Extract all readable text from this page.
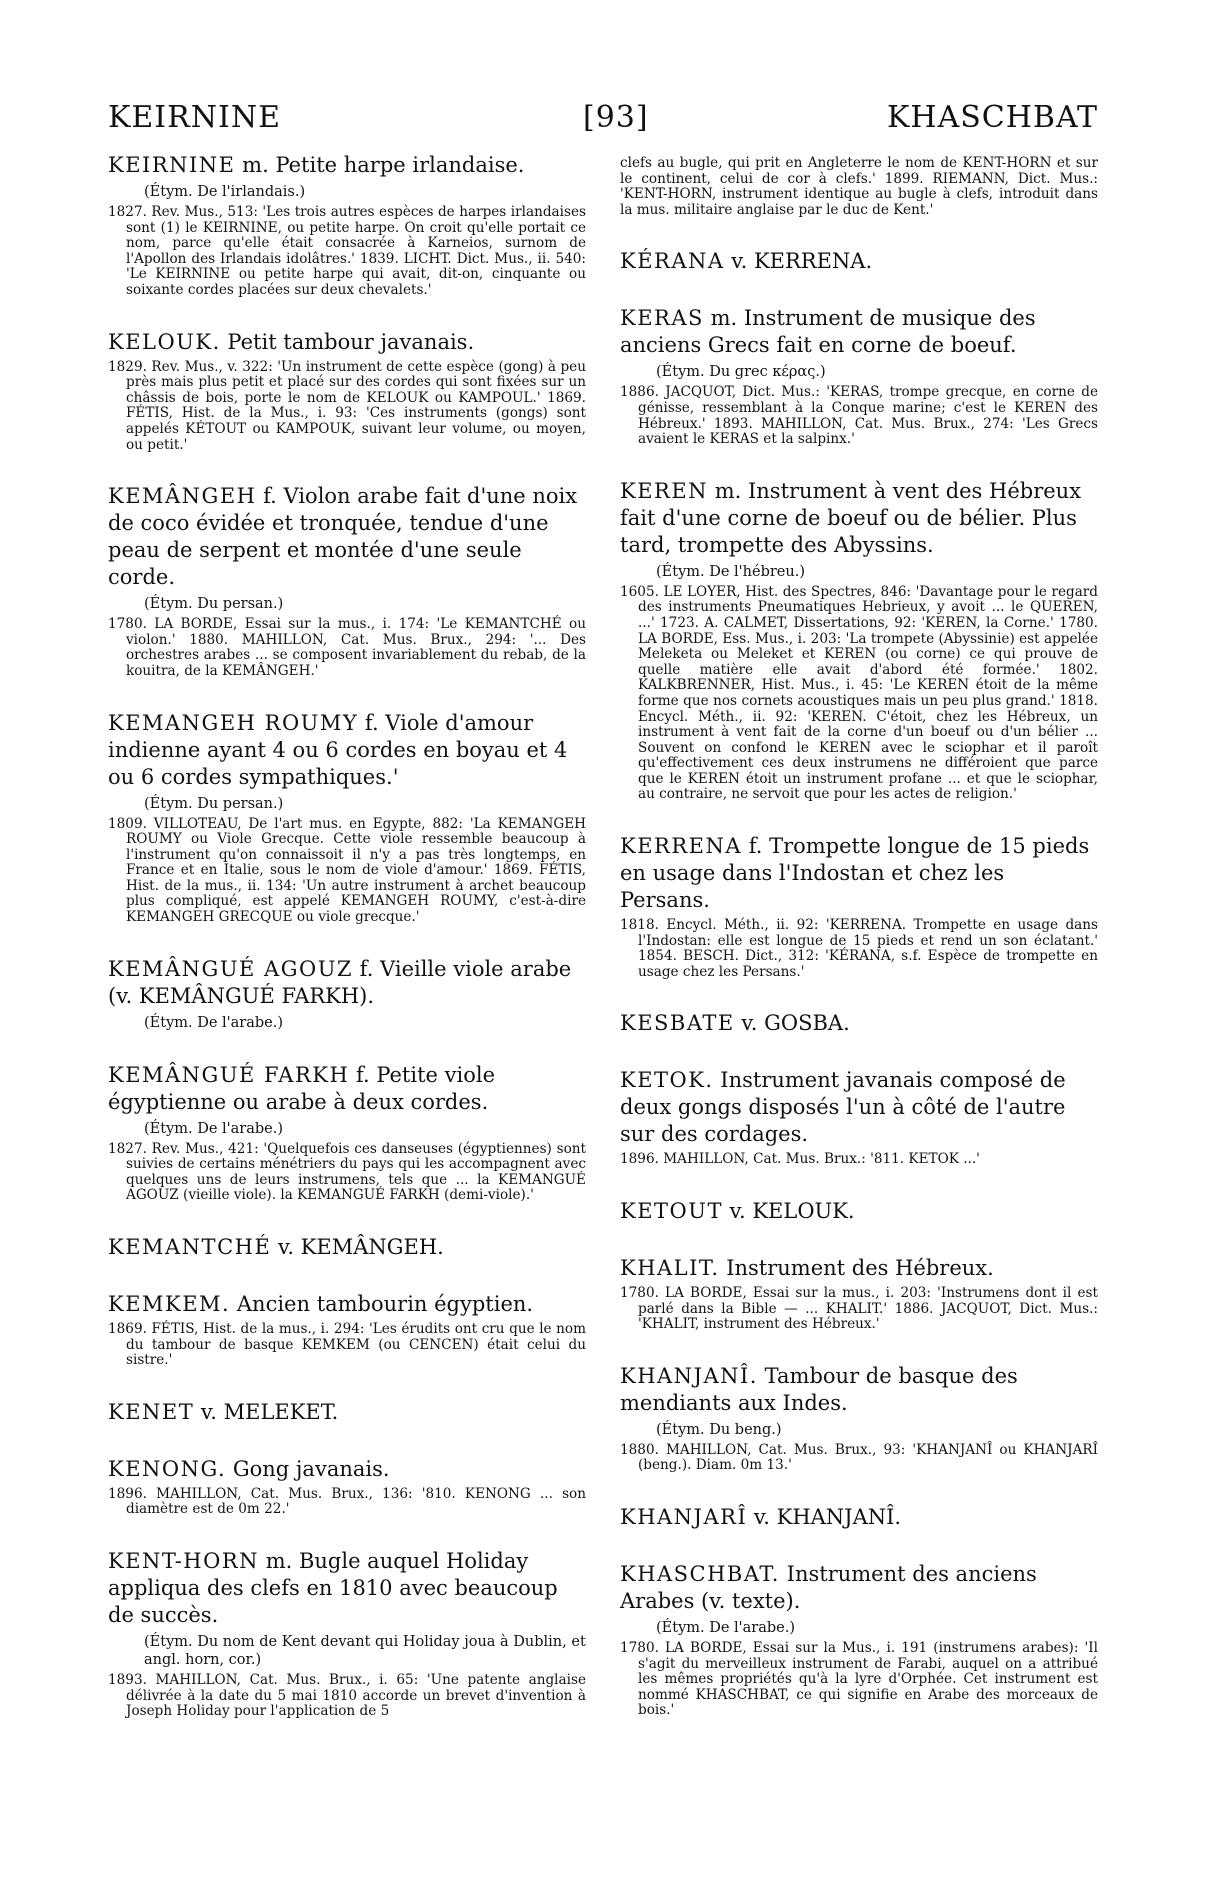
KEIRNINE	[93]	KHASCHBAT
KEIRNINE m. Petite harpe irlandaise.
(Étym. De l'irlandais.)
1827. Rev. Mus., 513: 'Les trois autres espèces de harpes irlandaises sont (1) le KEIRNINE, ou petite harpe. On croit qu'elle portait ce nom, parce qu'elle était consacrée à Karneios, surnom de l'Apollon des Irlandais idolâtres.' 1839. LICHT. Dict. Mus., ii. 540: 'Le KEIRNINE ou petite harpe qui avait, dit-on, cinquante ou soixante cordes placées sur deux chevalets.'
KELOUK. Petit tambour javanais.
1829. Rev. Mus., v. 322: 'Un instrument de cette espèce (gong) à peu près mais plus petit et placé sur des cordes qui sont fixées sur un châssis de bois, porte le nom de KELOUK ou KAMPOUL.' 1869. FÉTIS, Hist. de la Mus., i. 93: 'Ces instruments (gongs) sont appelés KÉTOUT ou KAMPOUK, suivant leur volume, ou moyen, ou petit.'
KEMÂNGEH f. Violon arabe fait d'une noix de coco évidée et tronquée, tendue d'une peau de serpent et montée d'une seule corde.
(Étym. Du persan.)
1780. LA BORDE, Essai sur la mus., i. 174: 'Le KEMANTCHÉ ou violon.' 1880. MAHILLON, Cat. Mus. Brux., 294: '... Des orchestres arabes ... se composent invariablement du rebab, de la kouitra, de la KEMÂNGEH.'
KEMANGEH ROUMY f. Viole d'amour indienne ayant 4 ou 6 cordes en boyau et 4 ou 6 cordes sympathiques.'
(Étym. Du persan.)
1809. VILLOTEAU, De l'art mus. en Egypte, 882: 'La KEMANGEH ROUMY ou Viole Grecque. Cette viole ressemble beaucoup à l'instrument qu'on connaissoit il n'y a pas très longtemps, en France et en Italie, sous le nom de viole d'amour.' 1869. FÉTIS, Hist. de la mus., ii. 134: 'Un autre instrument à archet beaucoup plus compliqué, est appelé KEMANGEH ROUMY, c'est-à-dire KEMANGEH GRECQUE ou viole grecque.'
KEMÂNGUÉ AGOUZ f. Vieille viole arabe (v. KEMÂNGUÉ FARKH).
(Étym. De l'arabe.)
KEMÂNGUÉ FARKH f. Petite viole égyptienne ou arabe à deux cordes.
(Étym. De l'arabe.)
1827. Rev. Mus., 421: 'Quelquefois ces danseuses (égyptiennes) sont suivies de certains ménétriers du pays qui les accompagnent avec quelques uns de leurs instrumens, tels que ... la KEMANGUÉ AGOUZ (vieille viole). la KEMANGUÉ FARKH (demi-viole).'
KEMANTCHÉ v. KEMÂNGEH.
KEMKEM. Ancien tambourin égyptien.
1869. FÉTIS, Hist. de la mus., i. 294: 'Les érudits ont cru que le nom du tambour de basque KEMKEM (ou CENCEN) était celui du sistre.'
KENET v. MELEKET.
KENONG. Gong javanais.
1896. MAHILLON, Cat. Mus. Brux., 136: '810. KENONG ... son diamètre est de 0m 22.'
KENT-HORN m. Bugle auquel Holiday appliqua des clefs en 1810 avec beaucoup de succès.
(Étym. Du nom de Kent devant qui Holiday joua à Dublin, et angl. horn, cor.)
1893. MAHILLON, Cat. Mus. Brux., i. 65: 'Une patente anglaise délivrée à la date du 5 mai 1810 accorde un brevet d'invention à Joseph Holiday pour l'application de 5
clefs au bugle, qui prit en Angleterre le nom de KENT-HORN et sur le continent, celui de cor à clefs.' 1899. RIEMANN, Dict. Mus.: 'KENT-HORN, instrument identique au bugle à clefs, introduit dans la mus. militaire anglaise par le duc de Kent.'
KÉRANA v. KERRENA.
KERAS m. Instrument de musique des anciens Grecs fait en corne de boeuf.
(Étym. Du grec κέρας.)
1886. JACQUOT, Dict. Mus.: 'KERAS, trompe grecque, en corne de génisse, ressemblant à la Conque marine; c'est le KEREN des Hébreux.' 1893. MAHILLON, Cat. Mus. Brux., 274: 'Les Grecs avaient le KERAS et la salpinx.'
KEREN m. Instrument à vent des Hébreux fait d'une corne de boeuf ou de bélier. Plus tard, trompette des Abyssins.
(Étym. De l'hébreu.)
1605. LE LOYER, Hist. des Spectres, 846: 'Davantage pour le regard des instruments Pneumatiques Hebrieux, y avoit ... le QUEREN, ...' 1723. A. CALMET, Dissertations, 92: 'KEREN, la Corne.' 1780. LA BORDE, Ess. Mus., i. 203: 'La trompete (Abyssinie) est appelée Meleketa ou Meleket et KEREN (ou corne) ce qui prouve de quelle matière elle avait d'abord été formée.' 1802. KALKBRENNER, Hist. Mus., i. 45: 'Le KEREN étoit de la même forme que nos cornets acoustiques mais un peu plus grand.' 1818. Encycl. Méth., ii. 92: 'KEREN. C'étoit, chez les Hébreux, un instrument à vent fait de la corne d'un boeuf ou d'un bélier ... Souvent on confond le KEREN avec le sciophar et il paroît qu'effectivement ces deux instrumens ne différoient que parce que le KEREN étoit un instrument profane ... et que le sciophar, au contraire, ne servoit que pour les actes de religion.'
KERRENA f. Trompette longue de 15 pieds en usage dans l'Indostan et chez les Persans.
1818. Encycl. Méth., ii. 92: 'KERRENA. Trompette en usage dans l'Indostan: elle est longue de 15 pieds et rend un son éclatant.' 1854. BESCH. Dict., 312: 'KÉRANA, s.f. Espèce de trompette en usage chez les Persans.'
KESBATE v. GOSBA.
KETOK. Instrument javanais composé de deux gongs disposés l'un à côté de l'autre sur des cordages.
1896. MAHILLON, Cat. Mus. Brux.: '811. KETOK ...'
KETOUT v. KELOUK.
KHALIT. Instrument des Hébreux.
1780. LA BORDE, Essai sur la mus., i. 203: 'Instrumens dont il est parlé dans la Bible — ... KHALIT.' 1886. JACQUOT, Dict. Mus.: 'KHALIT, instrument des Hébreux.'
KHANJANÎ. Tambour de basque des mendiants aux Indes.
(Étym. Du beng.)
1880. MAHILLON, Cat. Mus. Brux., 93: 'KHANJANÎ ou KHANJARÎ (beng.). Diam. 0m 13.'
KHANJARÎ v. KHANJANÎ.
KHASCHBAT. Instrument des anciens Arabes (v. texte).
(Étym. De l'arabe.)
1780. LA BORDE, Essai sur la Mus., i. 191 (instrumens arabes): 'Il s'agit du merveilleux instrument de Farabi, auquel on a attribué les mêmes propriétés qu'à la lyre d'Orphée. Cet instrument est nommé KHASCHBAT, ce qui signifie en Arabe des morceaux de bois.'
